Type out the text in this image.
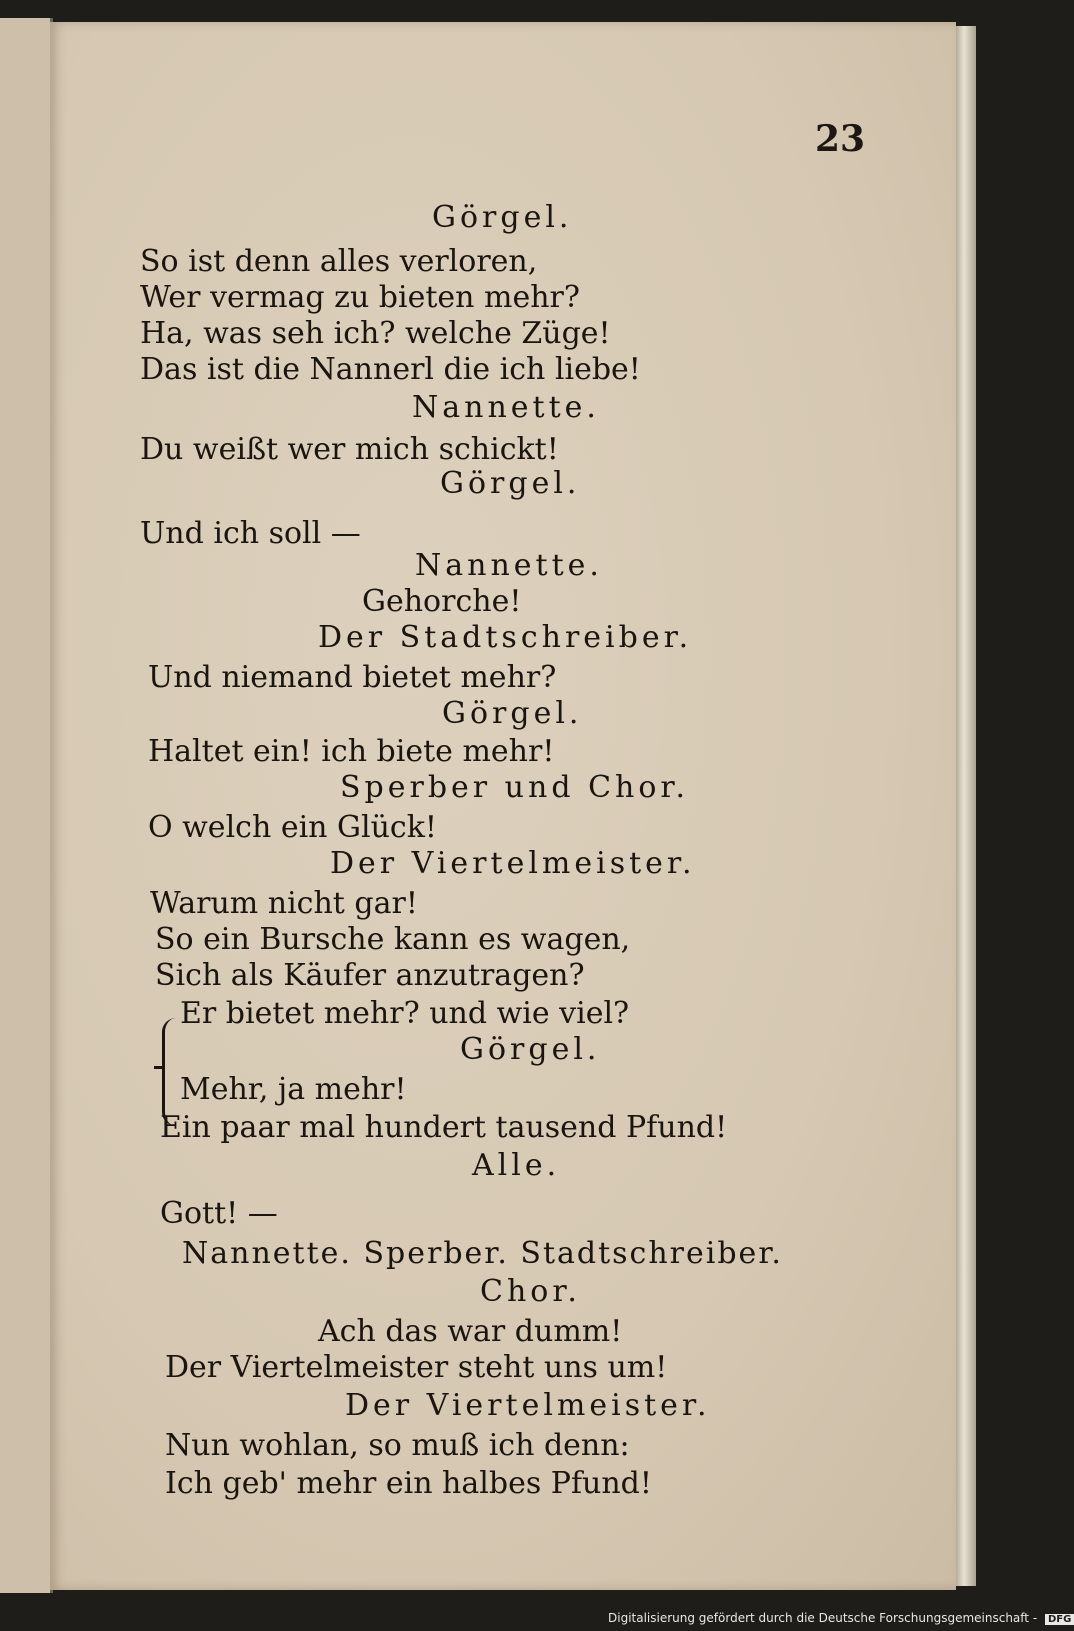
23
Görgel.
So ist denn alles verloren,
Wer vermag zu bieten mehr?
Ha, was seh ich? welche Züge!
Das ist die Nannerl die ich liebe!
Nannette.
Du weißt wer mich schickt!
Görgel.
Und ich soll —
Nannette.
Gehorche!
Der Stadtschreiber.
Und niemand bietet mehr?
Görgel.
Haltet ein! ich biete mehr!
Sperber und Chor.
O welch ein Glück!
Der Viertelmeister.
Warum nicht gar!
So ein Bursche kann es wagen,
Sich als Käufer anzutragen?
Er bietet mehr? und wie viel?
Görgel.
Mehr, ja mehr!
Ein paar mal hundert tausend Pfund!
Alle.
Gott! —
Nannette. Sperber. Stadtschreiber.
Chor.
Ach das war dumm!
Der Viertelmeister steht uns um!
Der Viertelmeister.
Nun wohlan, so muß ich denn:
Ich geb' mehr ein halbes Pfund!
Digitalisierung gefördert durch die Deutsche Forschungsgemeinschaft - DFG
